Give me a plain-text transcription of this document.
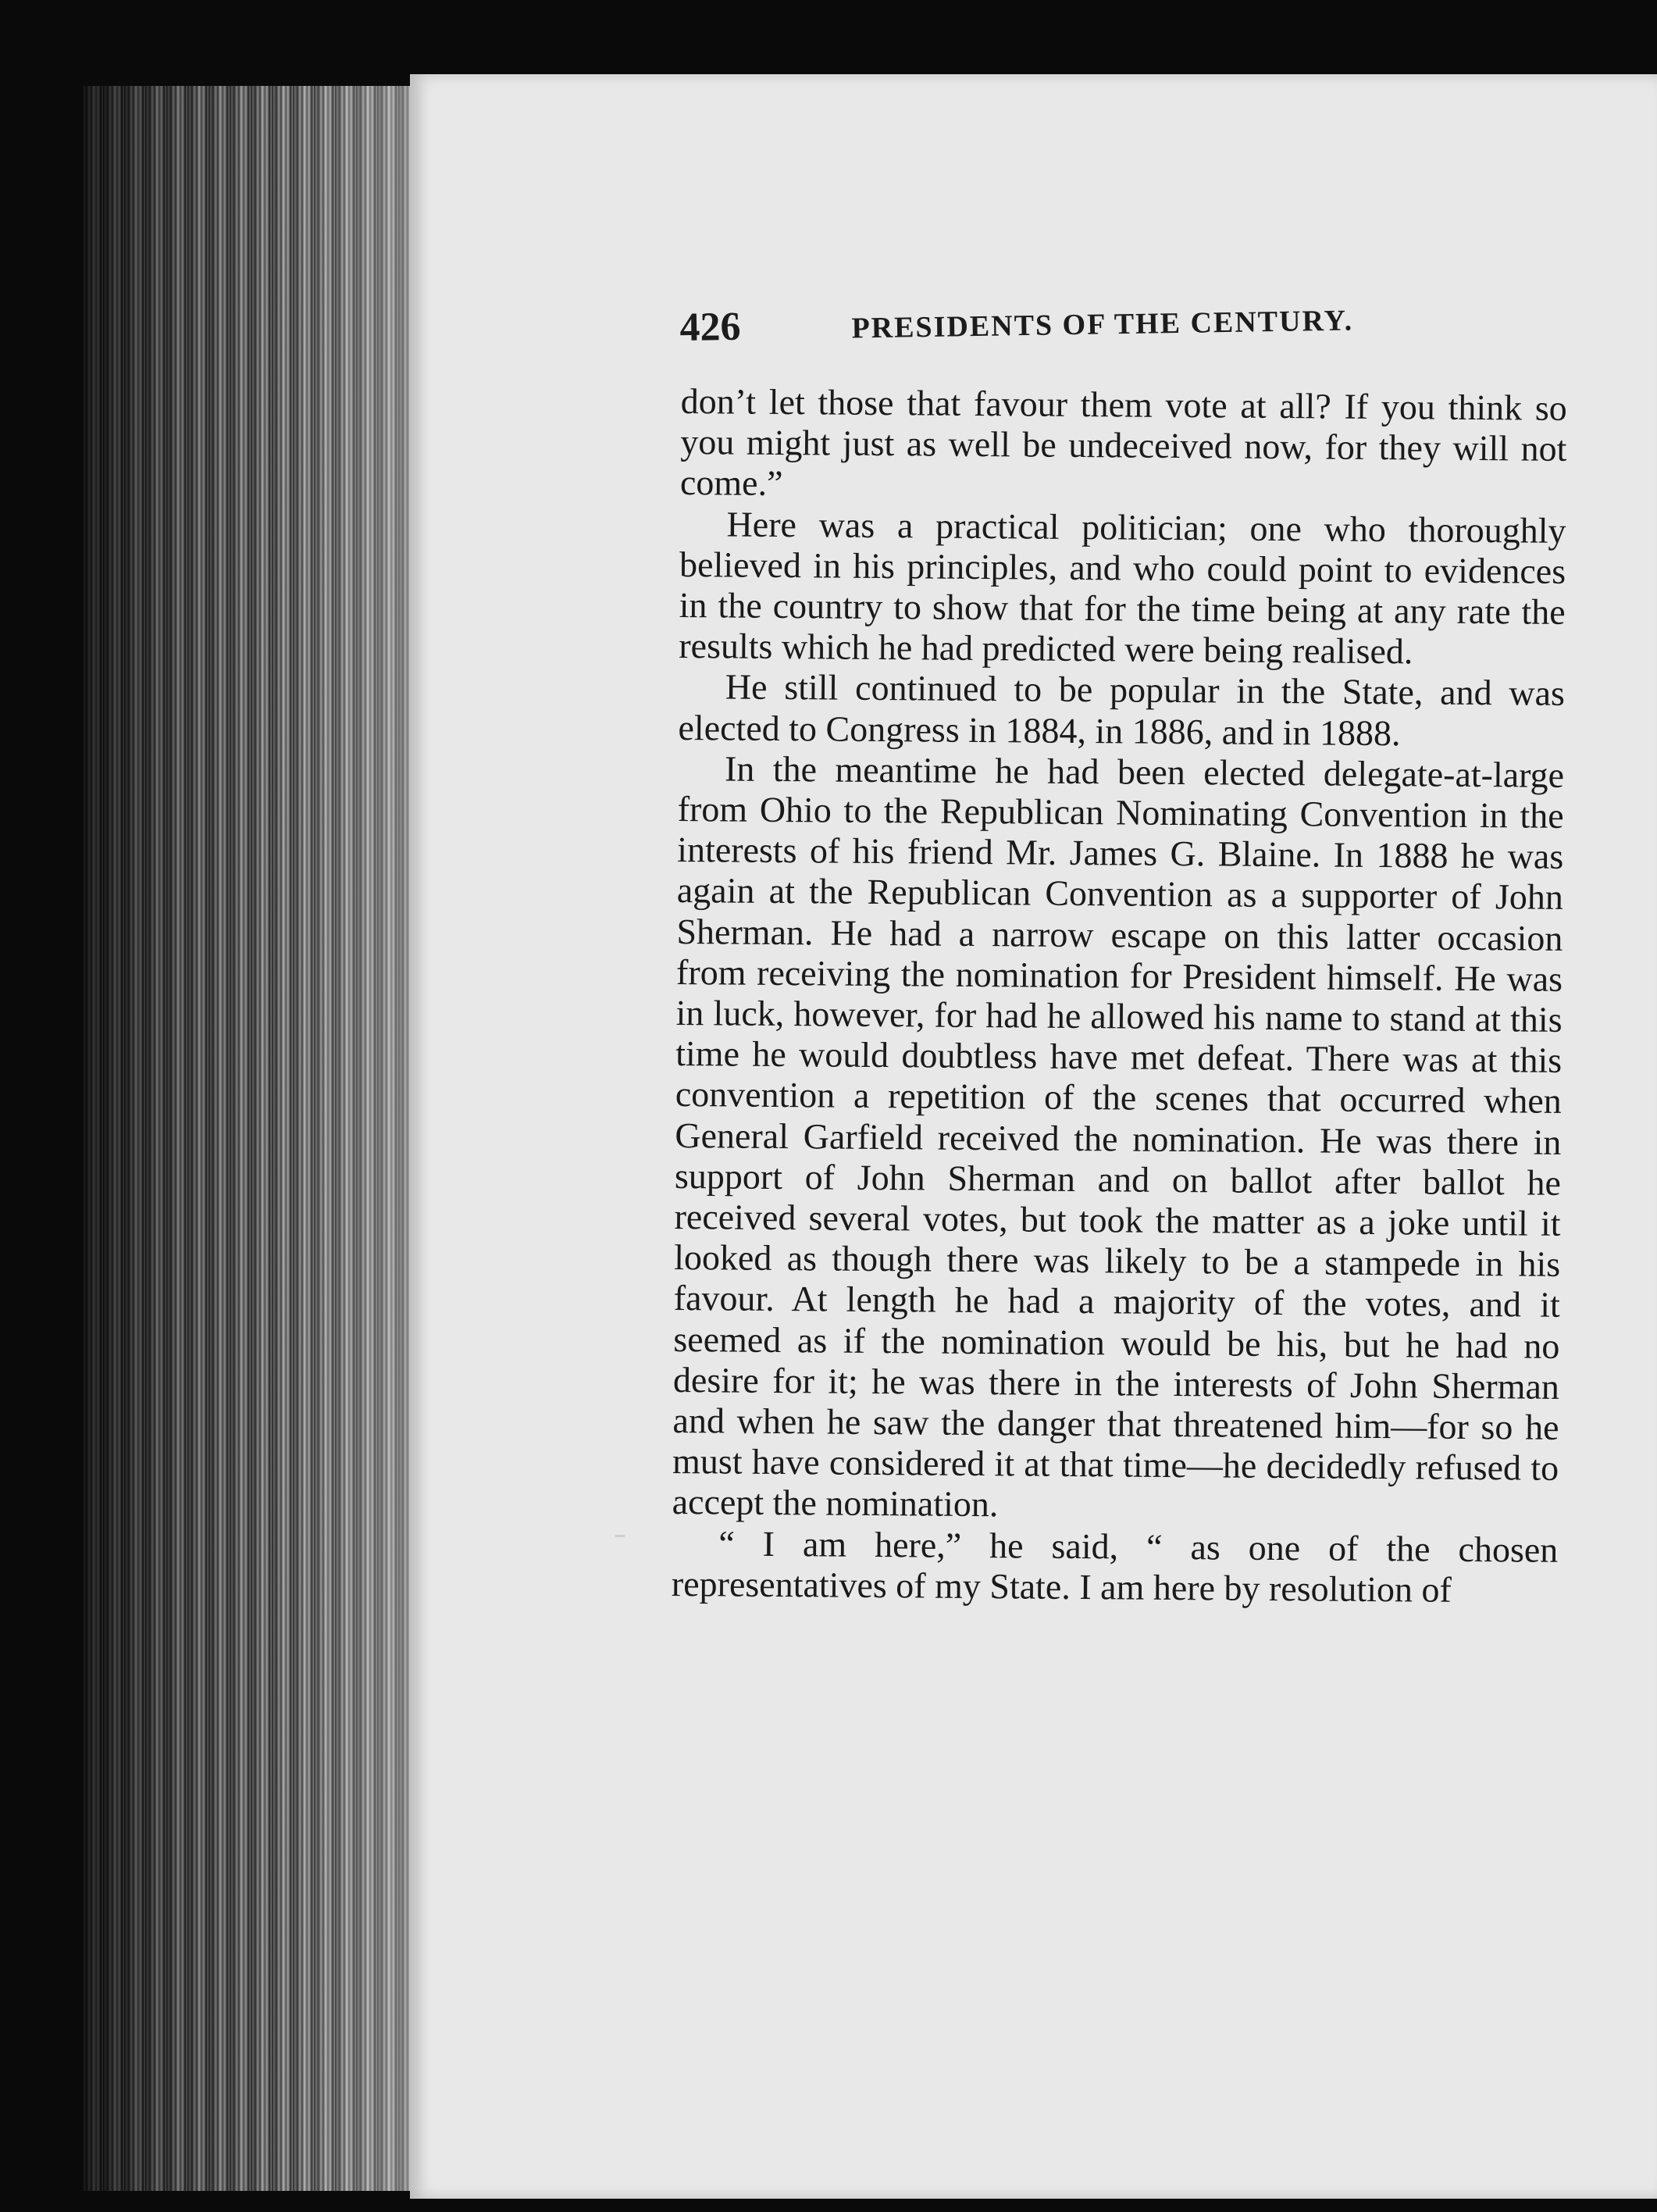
426	PRESIDENTS OF THE CENTURY.

don’t let those that favour them vote at all? If you think so you might just as well be undeceived now, for they will not come.”

Here was a practical politician; one who thoroughly believed in his principles, and who could point to evidences in the country to show that for the time being at any rate the results which he had predicted were being realised.

He still continued to be popular in the State, and was elected to Congress in 1884, in 1886, and in 1888.

In the meantime he had been elected delegate-at-large from Ohio to the Republican Nominating Convention in the interests of his friend Mr. James G. Blaine. In 1888 he was again at the Republican Convention as a supporter of John Sherman. He had a narrow escape on this latter occasion from receiving the nomination for President himself. He was in luck, however, for had he allowed his name to stand at this time he would doubtless have met defeat. There was at this convention a repetition of the scenes that occurred when General Garfield received the nomination. He was there in support of John Sherman and on ballot after ballot he received several votes, but took the matter as a joke until it looked as though there was likely to be a stampede in his favour. At length he had a majority of the votes, and it seemed as if the nomination would be his, but he had no desire for it; he was there in the interests of John Sherman and when he saw the danger that threatened him—for so he must have considered it at that time—he decidedly refused to accept the nomination.

“ I am here,” he said, “ as one of the chosen representatives of my State. I am here by resolution of
